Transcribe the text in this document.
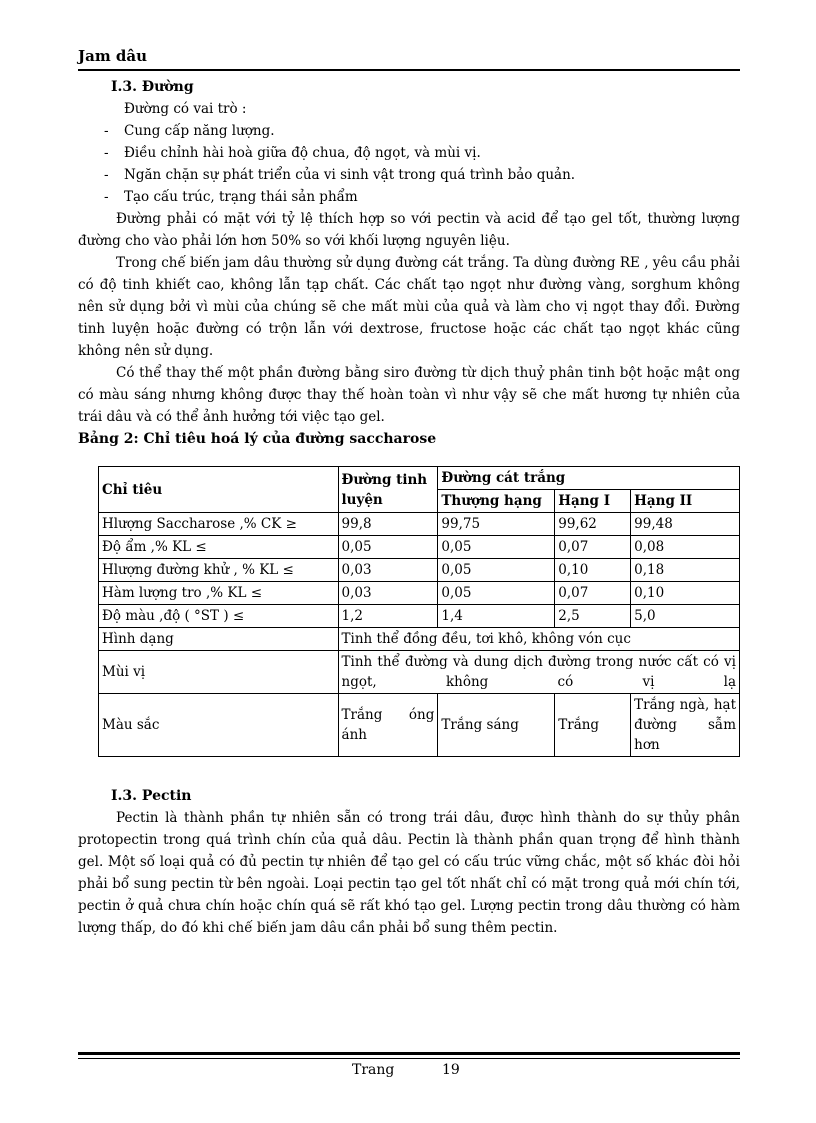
Jam dâu
I.3. Đường
Đường có vai trò :
- Cung cấp năng lượng.
- Điều chỉnh hài hoà giữa độ chua, độ ngọt, và mùi vị.
- Ngăn chặn sự phát triển của vi sinh vật trong quá trình bảo quản.
- Tạo cấu trúc, trạng thái sản phẩm

Đường phải có mặt với tỷ lệ thích hợp so với pectin và acid để tạo gel tốt, thường lượng đường cho vào phải lớn hơn 50% so với khối lượng nguyên liệu.

Trong chế biến jam dâu thường sử dụng đường cát trắng. Ta dùng đường RE , yêu cầu phải có độ tinh khiết cao, không lẫn tạp chất. Các chất tạo ngọt như đường vàng, sorghum không nên sử dụng bởi vì mùi của chúng sẽ che mất mùi của quả và làm cho vị ngọt thay đổi. Đường tinh luyện hoặc đường có trộn lẫn với dextrose, fructose hoặc các chất tạo ngọt khác cũng không nên sử dụng.

Có thể thay thế một phần đường bằng siro đường từ dịch thuỷ phân tinh bột hoặc mật ong có màu sáng nhưng không được thay thế hoàn toàn vì như vậy sẽ che mất hương tự nhiên của trái dâu và có thể ảnh hưởng tới việc tạo gel.

Bảng 2: Chỉ tiêu hoá lý của đường saccharose
Chỉ tiêu	Đường tinh luyện	Đường cát trắng		
		Thượng hạng	Hạng I	Hạng II
Hlượng Saccharose ,% CK ≥	99,8	99,75	99,62	99,48
Độ ẩm ,% KL ≤	0,05	0,05	0,07	0,08
Hlượng đường khử , % KL ≤	0,03	0,05	0,10	0,18
Hàm lượng tro ,% KL ≤	0,03	0,05	0,07	0,10
Độ màu ,độ ( °ST ) ≤	1,2	1,4	2,5	5,0
Hình dạng	Tinh thể đồng đều, tơi khô, không vón cục			
Mùi vị	Tinh thể đường và dung dịch đường trong nước cất có vị ngọt, không có vị lạ			
Màu sắc	Trắng óng ánh	Trắng sáng	Trắng	Trắng ngà, hạt đường sẫm hơn
I.3. Pectin

Pectin là thành phần tự nhiên sẵn có trong trái dâu, được hình thành do sự thủy phân protopectin trong quá trình chín của quả dâu. Pectin là thành phần quan trọng để hình thành gel. Một số loại quả có đủ pectin tự nhiên để tạo gel có cấu trúc vững chắc, một số khác đòi hỏi phải bổ sung pectin từ bên ngoài. Loại pectin tạo gel tốt nhất chỉ có mặt trong quả mới chín tới, pectin ở quả chưa chín hoặc chín quá sẽ rất khó tạo gel. Lượng pectin trong dâu thường có hàm lượng thấp, do đó khi chế biến jam dâu cần phải bổ sung thêm pectin.

Trang	19
